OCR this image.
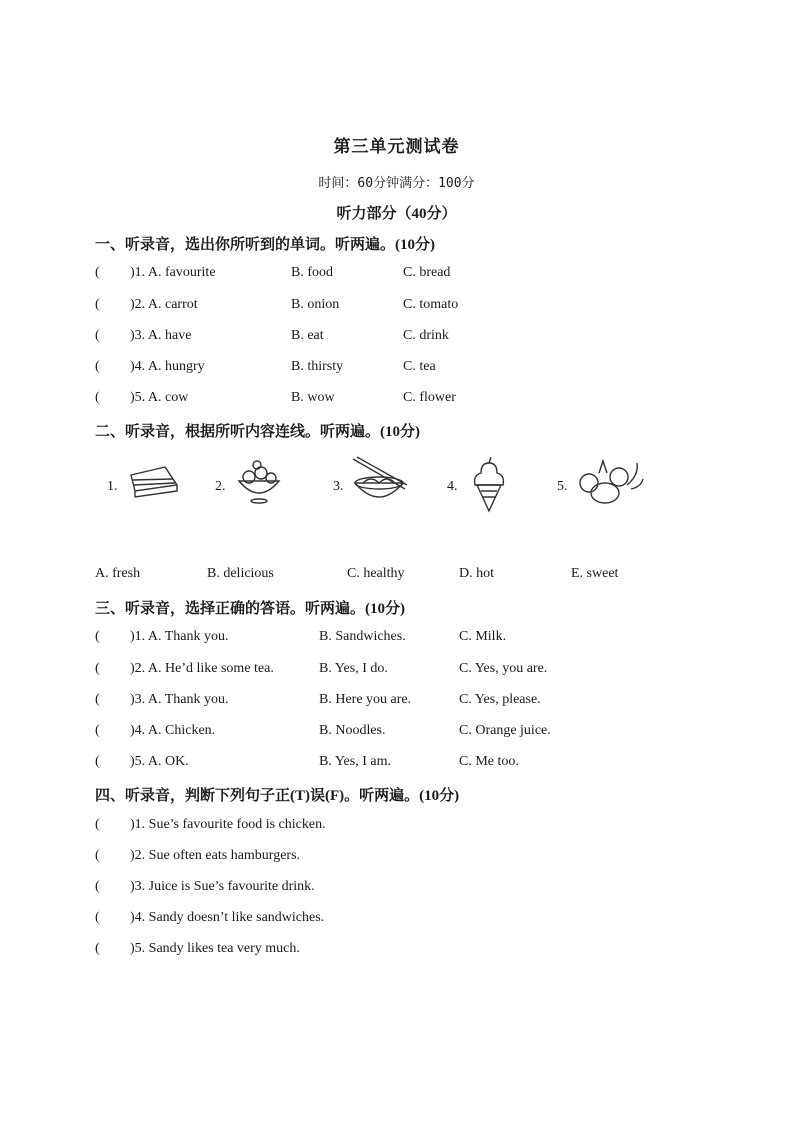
第三单元测试卷
时间：60分钟满分：100分
听力部分（40分）
一、听录音，选出你所听到的单词。听两遍。(10分)
( )1. A. favourite	B. food	C. bread
( )2. A. carrot	B. onion	C. tomato
( )3. A. have	B. eat	C. drink
( )4. A. hungry	B. thirsty	C. tea
( )5. A. cow	B. wow	C. flower
二、听录音，根据所听内容连线。听两遍。(10分)
1.	2.	3.	4.	5.
A. fresh	B. delicious	C. healthy	D. hot	E. sweet
三、听录音，选择正确的答语。听两遍。(10分)
( )1. A. Thank you.	B. Sandwiches.	C. Milk.
( )2. A. He’d like some tea.	B. Yes, I do.	C. Yes, you are.
( )3. A. Thank you.	B. Here you are.	C. Yes, please.
( )4. A. Chicken.	B. Noodles.	C. Orange juice.
( )5. A. OK.	B. Yes, I am.	C. Me too.
四、听录音，判断下列句子正(T)误(F)。听两遍。(10分)
( )1. Sue’s favourite food is chicken.
( )2. Sue often eats hamburgers.
( )3. Juice is Sue’s favourite drink.
( )4. Sandy doesn’t like sandwiches.
( )5. Sandy likes tea very much.
